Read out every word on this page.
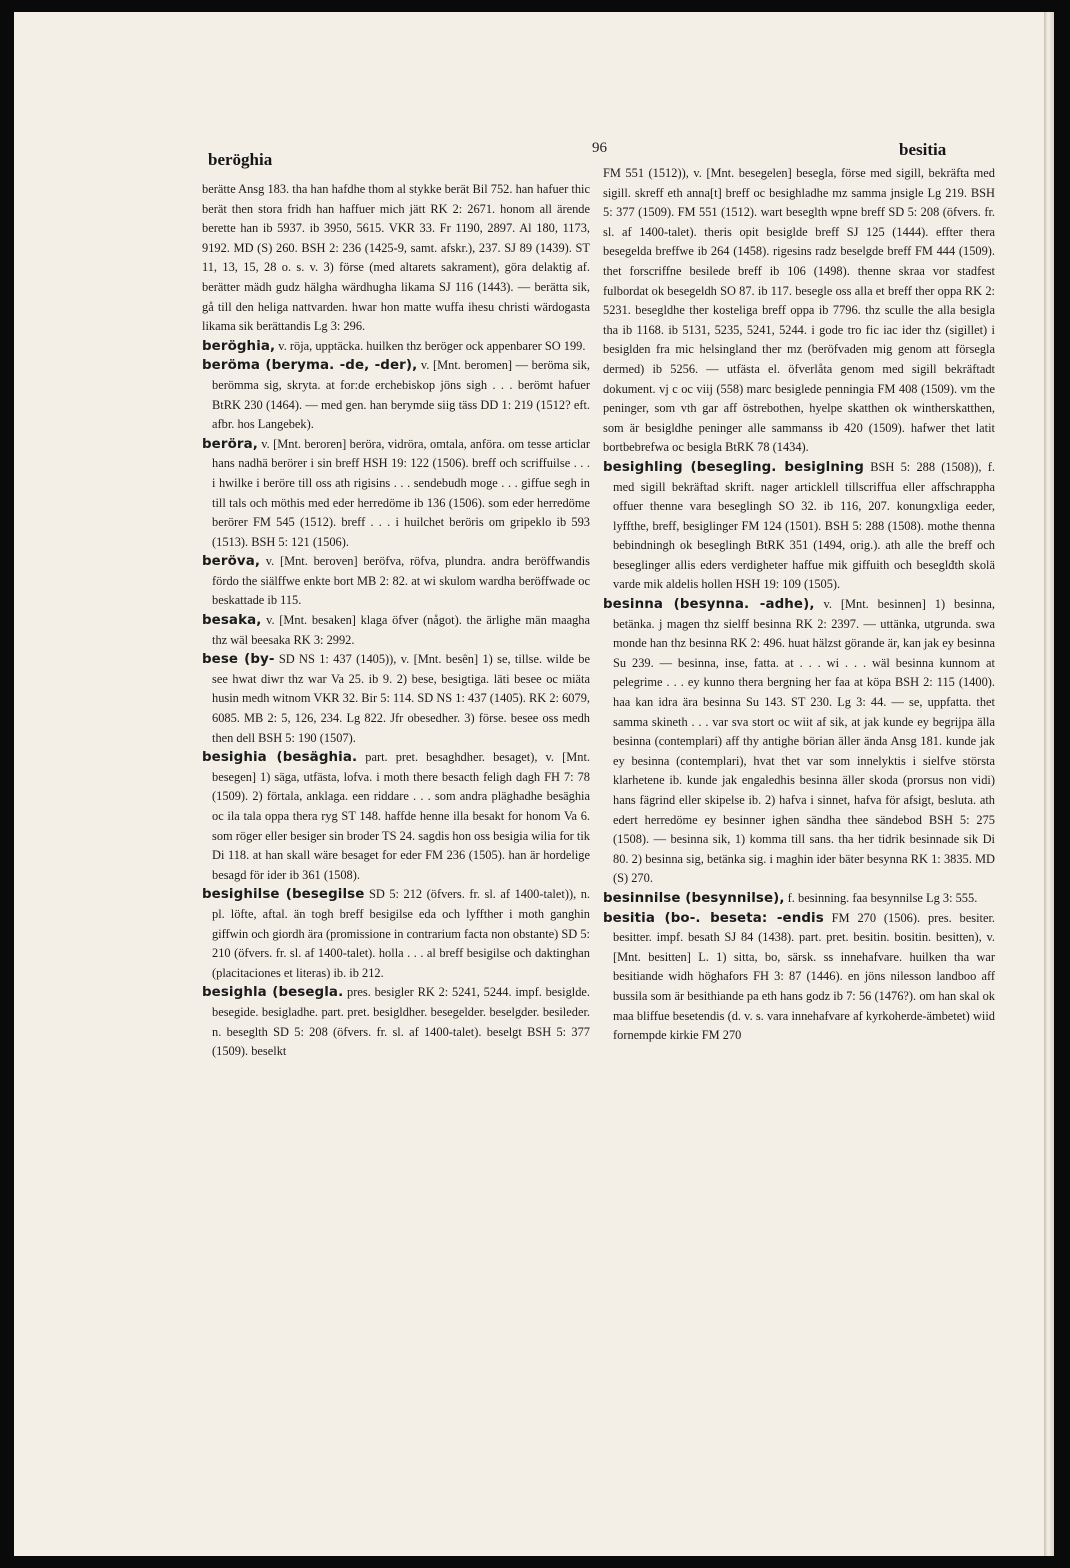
beröghia
96	besitia

berätte Ansg 183. tha han hafdhe thom al stykke berät Bil 752. han hafuer thic berät then stora fridh han haffuer mich jätt RK 2: 2671. honom all ärende berette han ib 5937. ib 3950, 5615. VKR 33. Fr 1190, 2897. Al 180, 1173, 9192. MD (S) 260. BSH 2: 236 (1425-9, samt. afskr.), 237. SJ 89 (1439). ST 11, 13, 15, 28 o. s. v. 3) förse (med altarets sakrament), göra delaktig af. berätter mädh gudz hälgha wärdhugha likama SJ 116 (1443). — berätta sik, gå till den heliga nattvarden. hwar hon matte wuffa ihesu christi wärdogasta likama sik berättandis Lg 3: 296.

beröghia, v. röja, upptäcka. huilken thz beröger ock appenbarer SO 199.

beröma (beryma. -de, -der), v. [Mnt. beromen] — beröma sik, berömma sig, skryta. at for:de erchebiskop jöns sigh . . . berömt hafuer BtRK 230 (1464). — med gen. han berymde siig täss DD 1: 219 (1512? eft. afbr. hos Langebek).

beröra, v. [Mnt. beroren] beröra, vidröra, omtala, anföra. om tesse articlar hans nadhä berörer i sin breff HSH 19: 122 (1506). breff och scriffuilse . . . i hwilke i beröre till oss ath rigisins . . . sendebudh moge . . . giffue segh in till tals och möthis med eder herredöme ib 136 (1506). som eder herredöme berörer FM 545 (1512). breff . . . i huilchet beröris om gripeklo ib 593 (1513). BSH 5: 121 (1506).

beröva, v. [Mnt. beroven] beröfva, röfva, plundra. andra beröffwandis fördo the siälffwe enkte bort MB 2: 82. at wi skulom wardha beröffwade oc beskattade ib 115.

besaka, v. [Mnt. besaken] klaga öfver (något). the ärlighe män maagha thz wäl beesaka RK 3: 2992.

bese (by- SD NS 1: 437 (1405)), v. [Mnt. besên] 1) se, tillse. wilde be see hwat diwr thz war Va 25. ib 9. 2) bese, besigtiga. läti besee oc miäta husin medh witnom VKR 32. Bir 5: 114. SD NS 1: 437 (1405). RK 2: 6079, 6085. MB 2: 5, 126, 234. Lg 822. Jfr obesedher. 3) förse. besee oss medh then dell BSH 5: 190 (1507).

besighia (besäghia. part. pret. besaghdher. besaget), v. [Mnt. besegen] 1) säga, utfästa, lofva. i moth there besacth feligh dagh FH 7: 78 (1509). 2) förtala, anklaga. een riddare . . . som andra pläghadhe besäghia oc ila tala oppa thera ryg ST 148. haffde henne illa besakt for honom Va 6. som röger eller besiger sin broder TS 24. sagdis hon oss besigia wilia for tik Di 118. at han skall wäre besaget for eder FM 236 (1505). han är hordelige besagd för ider ib 361 (1508).

besighilse (besegilse SD 5: 212 (öfvers. fr. sl. af 1400-talet)), n. pl. löfte, aftal. än togh breff besigilse eda och lyffther i moth ganghin giffwin och giordh ära (promissione in contrarium facta non obstante) SD 5: 210 (öfvers. fr. sl. af 1400-talet). holla . . . al breff besigilse och daktinghan (placitaciones et literas) ib. ib 212.

besighla (besegla. pres. besigler RK 2: 5241, 5244. impf. besiglde. besegide. besigladhe. part. pret. besigldher. besegelder. beselgder. besileder. n. beseglth SD 5: 208 (öfvers. fr. sl. af 1400-talet). beselgt BSH 5: 377 (1509). beselkt

FM 551 (1512)), v. [Mnt. besegelen] besegla, förse med sigill, bekräfta med sigill. skreff eth anna[t] breff oc besighladhe mz samma jnsigle Lg 219. BSH 5: 377 (1509). FM 551 (1512). wart beseglth wpne breff SD 5: 208 (öfvers. fr. sl. af 1400-talet). theris opit besiglde breff SJ 125 (1444). effter thera besegelda breffwe ib 264 (1458). rigesins radz beselgde breff FM 444 (1509). thet forscriffne besilede breff ib 106 (1498). thenne skraa vor stadfest fulbordat ok besegeldh SO 87. ib 117. besegle oss alla et breff ther oppa RK 2: 5231. besegldhe ther kosteliga breff oppa ib 7796. thz sculle the alla besigla tha ib 1168. ib 5131, 5235, 5241, 5244. i gode tro fic iac ider thz (sigillet) i besiglden fra mic helsingland ther mz (beröfvaden mig genom att försegla dermed) ib 5256. — utfästa el. öfverlåta genom med sigill bekräftadt dokument. vj c oc viij (558) marc besiglede penningia FM 408 (1509). vm the peninger, som vth gar aff östrebothen, hyelpe skatthen ok wintherskatthen, som är besigldhe peninger alle sammanss ib 420 (1509). hafwer thet latit bortbebrefwa oc besigla BtRK 78 (1434).

besighling (besegling. besiglning BSH 5: 288 (1508)), f. med sigill bekräftad skrift. nager articklell tillscriffua eller affschrappha offuer thenne vara beseglingh SO 32. ib 116, 207. konungxliga eeder, lyffthe, breff, besiglinger FM 124 (1501). BSH 5: 288 (1508). mothe thenna bebindningh ok beseglingh BtRK 351 (1494, orig.). ath alle the breff och beseglinger allis eders verdigheter haffue mik giffuith och beseglđth skolä varde mik aldelis hollen HSH 19: 109 (1505).

besinna (besynna. -adhe), v. [Mnt. besinnen] 1) besinna, betänka. j magen thz sielff besinna RK 2: 2397. — uttänka, utgrunda. swa monde han thz besinna RK 2: 496. huat hälzst görande är, kan jak ey besinna Su 239. — besinna, inse, fatta. at . . . wi . . . wäl besinna kunnom at pelegrime . . . ey kunno thera bergning her faa at köpa BSH 2: 115 (1400). haa kan idra ära besinna Su 143. ST 230. Lg 3: 44. — se, uppfatta. thet samma skineth . . . var sva stort oc wiit af sik, at jak kunde ey begrijpa älla besinna (contemplari) aff thy antighe börian äller ända Ansg 181. kunde jak ey besinna (contemplari), hvat thet var som innelyktis i sielfve största klarhetene ib. kunde jak engaledhis besinna äller skoda (prorsus non vidi) hans fägrind eller skipelse ib. 2) hafva i sinnet, hafva för afsigt, besluta. ath edert herredöme ey besinner ighen sändha thee sändebod BSH 5: 275 (1508). — besinna sik, 1) komma till sans. tha her tidrik besinnade sik Di 80. 2) besinna sig, betänka sig. i maghin ider bäter besynna RK 1: 3835. MD (S) 270.

besinnilse (besynnilse), f. besinning. faa besynnilse Lg 3: 555.

besitia (bo-. beseta: -endis FM 270 (1506). pres. besiter. besitter. impf. besath SJ 84 (1438). part. pret. besitin. bositin. besitten), v. [Mnt. besitten] L. 1) sitta, bo, särsk. ss innehafvare. huilken tha war besitiande widh höghafors FH 3: 87 (1446). en jöns nilesson landboo aff bussila som är besithiande pa eth hans godz ib 7: 56 (1476?). om han skal ok maa bliffue besetendis (d. v. s. vara innehafvare af kyrkoherde-ämbetet) wiid fornempde kirkie FM 270
